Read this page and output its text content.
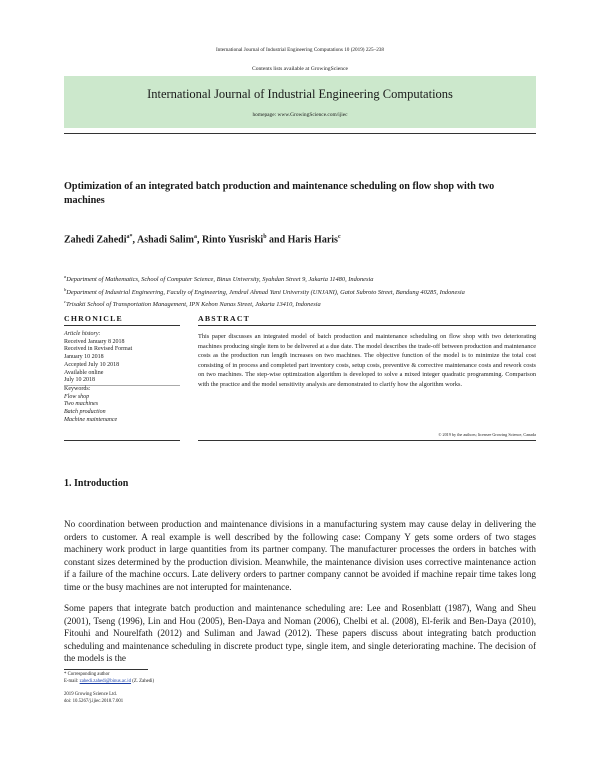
International Journal of Industrial Engineering Computations 10 (2019) 225–238
Contents lists available at GrowingScience
International Journal of Industrial Engineering Computations
homepage: www.GrowingScience.com/ijiec
Optimization of an integrated batch production and maintenance scheduling on flow shop with two machines
Zahedi Zahedi$^{a*}$, Ashadi Salim$^a$, Rinto Yusriski$^b$ and Haris Haris$^c$
$^a$Department of Mathematics, School of Computer Science, Binus University, Syahdan Street 9, Jakarta 11480, Indonesia
$^b$Department of Industrial Engineering, Faculty of Engineering, Jendral Ahmad Yani University (UNJANI), Gatot Subroto Street, Bandung 40285, Indonesia
$^c$Trisakti School of Transportation Management, IPN Kebon Nanas Street, Jakarta 13410, Indonesia
CHRONICLE	ABSTRACT
Article history:
Received January 8 2018
Received in Revised Format
January 10 2018
Accepted July 10 2018
Available online
July 10 2018
Keywords:
Flow shop
Two machines
Batch production
Machine maintenance
This paper discusses an integrated model of batch production and maintenance scheduling on flow shop with two deteriorating machines producing single item to be delivered at a due date. The model describes the trade-off between production and maintenance costs as the production run length increases on two machines. The objective function of the model is to minimize the total cost consisting of in process and completed part inventory costs, setup costs, preventive & corrective maintenance costs and rework costs on two machines. The step-wise optimization algorithm is developed to solve a mixed integer quadratic programming. Comparison with the practice and the model sensitivity analysis are demonstrated to clarify how the algorithm works.
© 2019 by the authors; licensee Growing Science, Canada
1. Introduction
No coordination between production and maintenance divisions in a manufacturing system may cause delay in delivering the orders to customer. A real example is well described by the following case: Company Y gets some orders of two stages machinery work product in large quantities from its partner company. The manufacturer processes the orders in batches with constant sizes determined by the production division. Meanwhile, the maintenance division uses corrective maintenance action if a failure of the machine occurs. Late delivery orders to partner company cannot be avoided if machine repair time takes long time or the busy machines are not interupted for maintenance.
Some papers that integrate batch production and maintenance scheduling are: Lee and Rosenblatt (1987), Wang and Sheu (2001), Tseng (1996), Lin and Hou (2005), Ben-Daya and Noman (2006), Chelbi et al. (2008), El-ferik and Ben-Daya (2010), Fitouhi and Nourelfath (2012) and Suliman and Jawad (2012). These papers discuss about integrating batch production scheduling and maintenance scheduling in discrete product type, single item, and single deteriorating machine. The decision of the models is the
* Corresponding author
E-mail: zahedi.zahedi@binus.ac.id (Z. Zahedi)
2019 Growing Science Ltd.
doi: 10.5267/j.ijiec.2018.7.001
